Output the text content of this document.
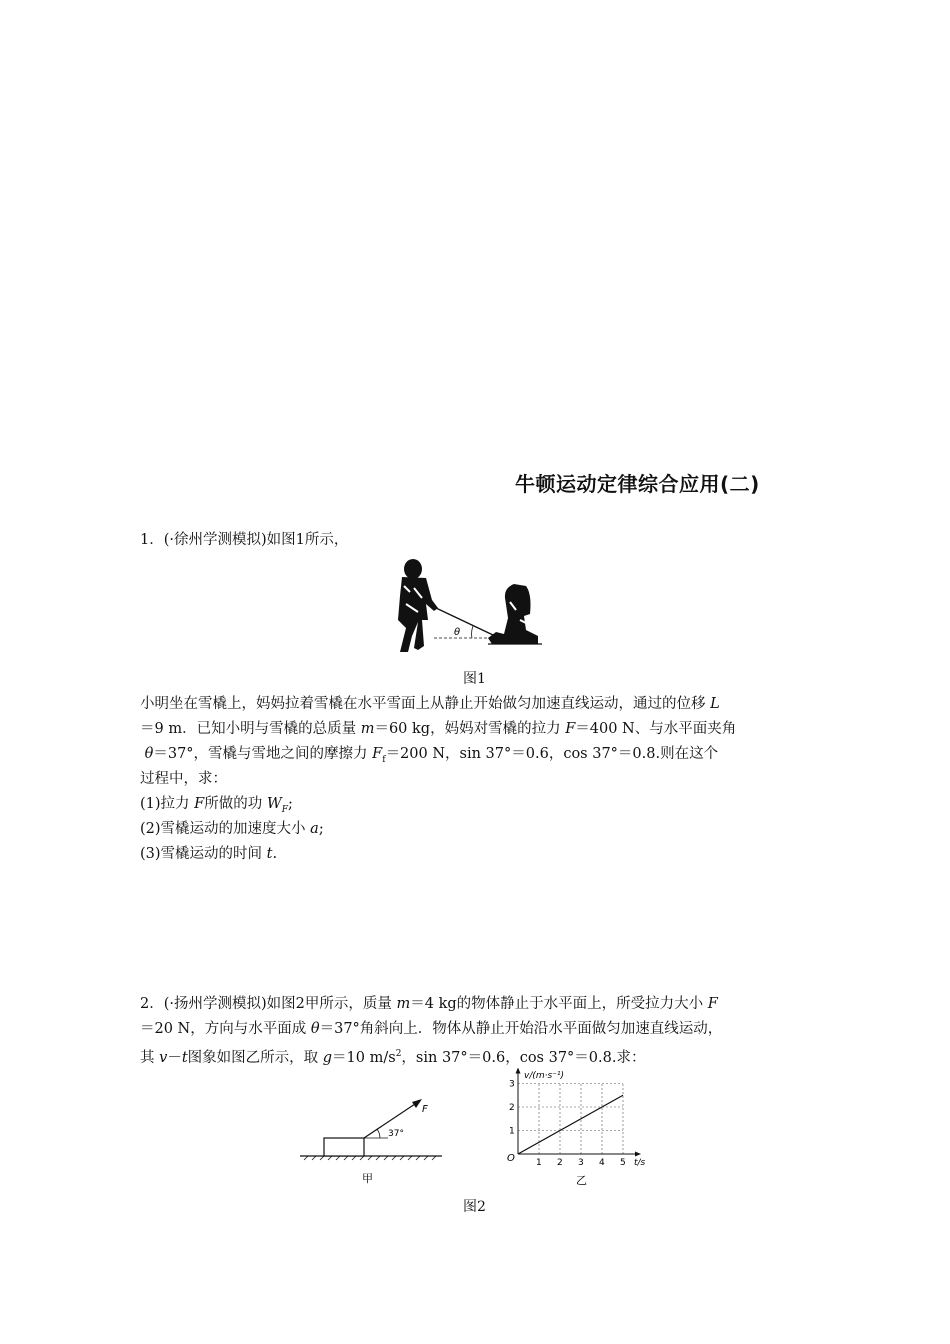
牛顿运动定律综合应用(二)
1．(·徐州学测模拟)如图1所示，
θ
图1
小明坐在雪橇上，妈妈拉着雪橇在水平雪面上从静止开始做匀加速直线运动，通过的位移 L
＝9 m．已知小明与雪橇的总质量 m＝60 kg，妈妈对雪橇的拉力 F＝400 N、与水平面夹角
θ＝37°，雪橇与雪地之间的摩擦力 $F_f=200$ N，sin 37°＝0.6，cos 37°＝0.8.则在这个
过程中，求：
(1)拉力 F所做的功 $W_F$;
(2)雪橇运动的加速度大小 a;
(3)雪橇运动的时间 t.
2．(·扬州学测模拟)如图2甲所示，质量 m＝4 kg的物体静止于水平面上，所受拉力大小 F
＝20 N，方向与水平面成 θ＝37°角斜向上．物体从静止开始沿水平面做匀加速直线运动，
其 v－t图象如图乙所示，取 g＝10 $m/s^2$，sin 37°＝0.6，cos 37°＝0.8.求：
F
37°
甲
1 2 3 4 5
1
2
3
v/(m·s⁻¹)
t/s
O
乙
图2
